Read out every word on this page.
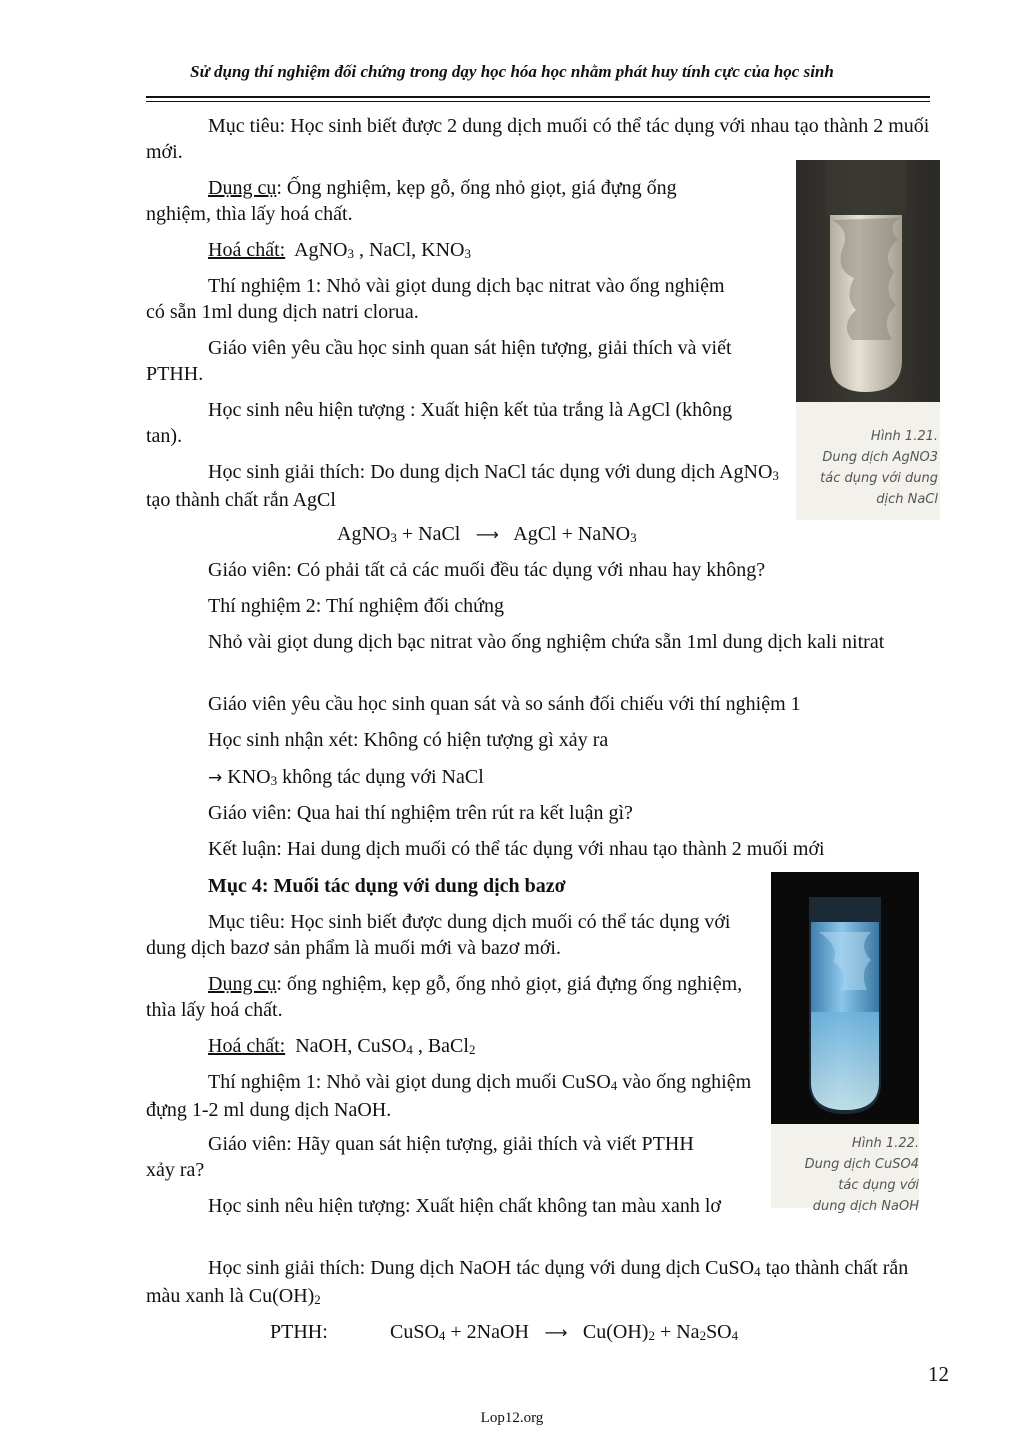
Sử dụng thí nghiệm đối chứng trong dạy học hóa học nhằm phát huy tính cực của học sinh

Mục tiêu: Học sinh biết được 2 dung dịch muối có thể tác dụng với nhau tạo thành 2 muối mới.

Dụng cụ: Ống nghiệm, kẹp gỗ, ống nhỏ giọt, giá đựng ống nghiệm, thìa lấy hoá chất.

Hoá chất: AgNO$_3$ , NaCl, $KNO_3$

Thí nghiệm 1: Nhỏ vài giọt dung dịch bạc nitrat vào ống nghiệm có sẵn 1ml dung dịch natri clorua.

Giáo viên yêu cầu học sinh quan sát hiện tượng, giải thích và viết PTHH.

Học sinh nêu hiện tượng : Xuất hiện kết tủa trắng là AgCl (không tan).

Học sinh giải thích: Do dung dịch NaCl tác dụng với dung dịch AgNO$_3$ tạo thành chất rắn AgCl

AgNO$_3$ + NaCl ⟶ AgCl + NaNO$_3$

Giáo viên: Có phải tất cả các muối đều tác dụng với nhau hay không?

Thí nghiệm 2: Thí nghiệm đối chứng

Nhỏ vài giọt dung dịch bạc nitrat vào ống nghiệm chứa sẵn 1ml dung dịch kali nitrat

Giáo viên yêu cầu học sinh quan sát và so sánh đối chiếu với thí nghiệm 1

Học sinh nhận xét: Không có hiện tượng gì xảy ra

→ $KNO_3$ không tác dụng với NaCl

Giáo viên: Qua hai thí nghiệm trên rút ra kết luận gì?

Kết luận: Hai dung dịch muối có thể tác dụng với nhau tạo thành 2 muối mới

Hình 1.21.
Dung dịch AgNO3
tác dụng với dung
dịch NaCl

Mục 4: Muối tác dụng với dung dịch bazơ

Mục tiêu: Học sinh biết được dung dịch muối có thể tác dụng với dung dịch bazơ sản phẩm là muối mới và bazơ mới.

Dụng cụ: ống nghiệm, kẹp gỗ, ống nhỏ giọt, giá đựng ống nghiệm, thìa lấy hoá chất.

Hoá chất: NaOH, CuSO$_4$ , BaCl$_2$

Thí nghiệm 1: Nhỏ vài giọt dung dịch muối CuSO$_4$ vào ống nghiệm đựng 1-2 ml dung dịch NaOH.

Giáo viên: Hãy quan sát hiện tượng, giải thích và viết PTHH xảy ra?

Học sinh nêu hiện tượng: Xuất hiện chất không tan màu xanh lơ

Học sinh giải thích: Dung dịch NaOH tác dụng với dung dịch CuSO$_4$ tạo thành chất rắn màu xanh là $Cu(OH)_2$

PTHH:	CuSO$_4$ + 2NaOH ⟶ $Cu(OH)_2 + Na_2SO_4$

Hình 1.22.
Dung dịch CuSO4
tác dụng với
dung dịch NaOH
12
Lop12.org
